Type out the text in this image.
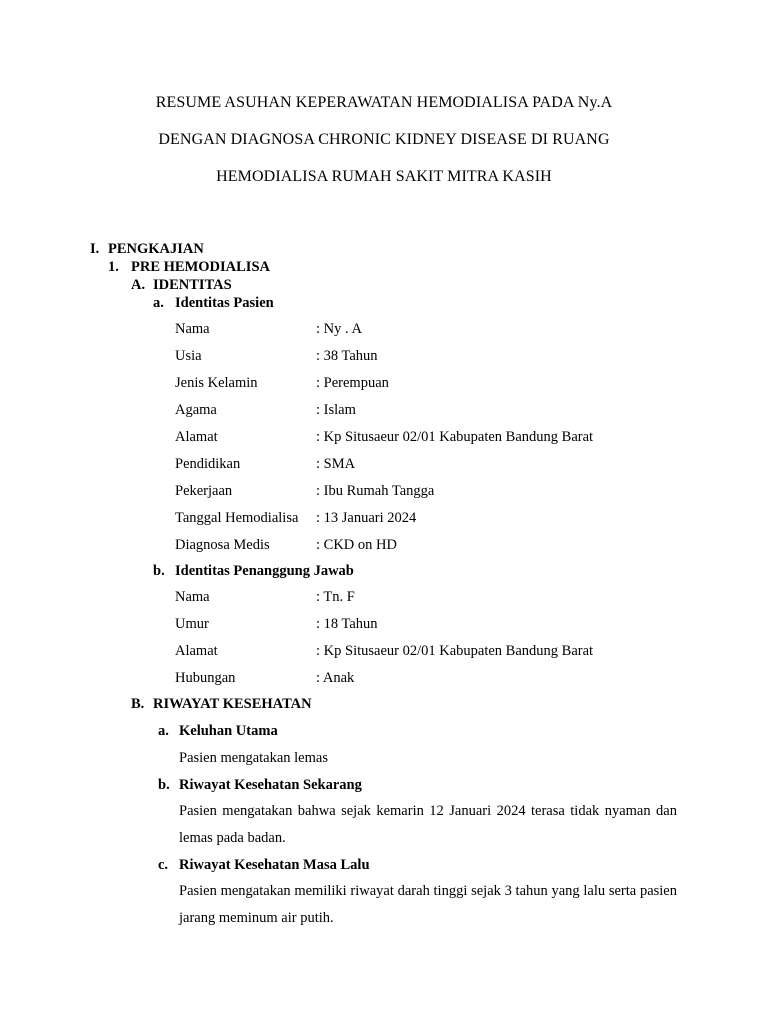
RESUME ASUHAN KEPERAWATAN HEMODIALISA PADA Ny.A
DENGAN DIAGNOSA CHRONIC KIDNEY DISEASE DI RUANG
HEMODIALISA RUMAH SAKIT MITRA KASIH
I. PENGKAJIAN
1. PRE HEMODIALISA
A. IDENTITAS
a. Identitas Pasien
Nama	: Ny . A
Usia	: 38 Tahun
Jenis Kelamin	: Perempuan
Agama	: Islam
Alamat	: Kp Situsaeur 02/01 Kabupaten Bandung Barat
Pendidikan	: SMA
Pekerjaan	: Ibu Rumah Tangga
Tanggal Hemodialisa : 13 Januari 2024
Diagnosa Medis	: CKD on HD
b. Identitas Penanggung Jawab
Nama	: Tn. F
Umur	: 18 Tahun
Alamat	: Kp Situsaeur 02/01 Kabupaten Bandung Barat
Hubungan	: Anak
B. RIWAYAT KESEHATAN
a. Keluhan Utama
Pasien mengatakan lemas
b. Riwayat Kesehatan Sekarang
Pasien mengatakan bahwa sejak kemarin 12 Januari 2024 terasa tidak nyaman dan lemas pada badan.
c. Riwayat Kesehatan Masa Lalu
Pasien mengatakan memiliki riwayat darah tinggi sejak 3 tahun yang lalu serta pasien jarang meminum air putih.
